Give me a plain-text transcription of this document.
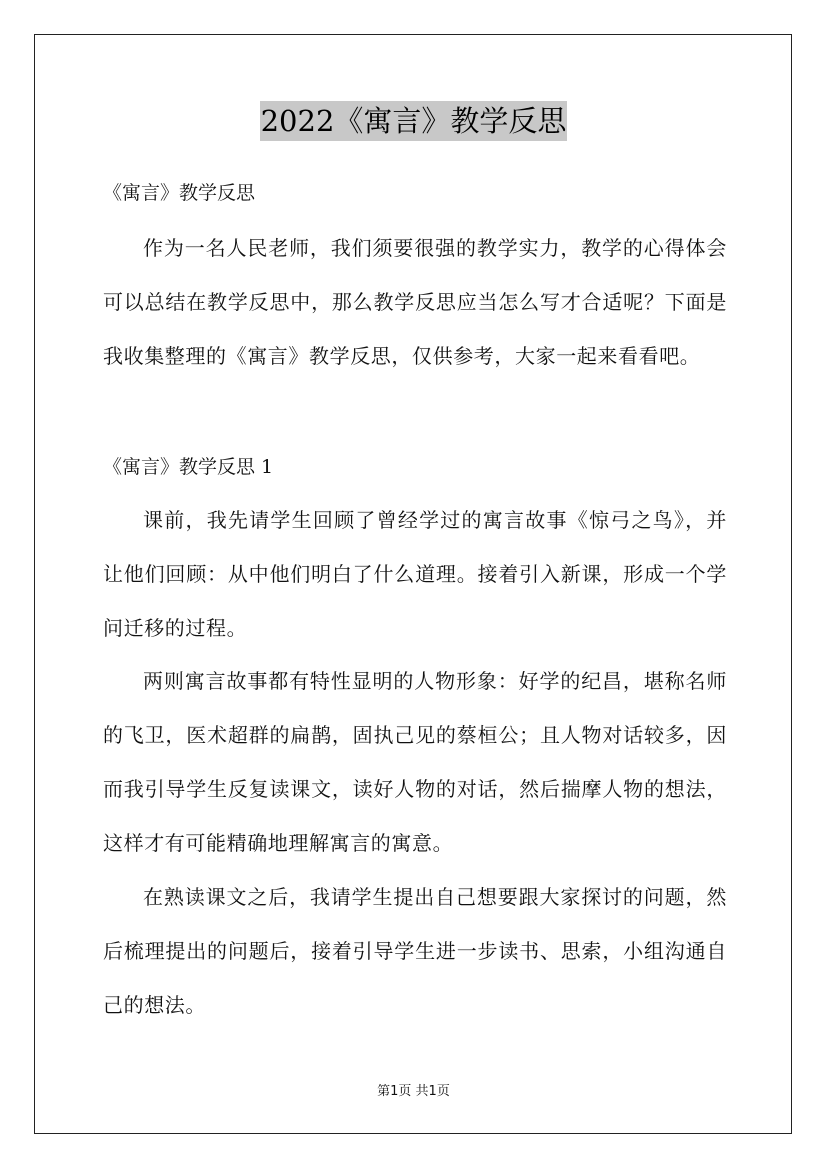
2022《寓言》教学反思
《寓言》教学反思

作为一名人民老师，我们须要很强的教学实力，教学的心得体会可以总结在教学反思中，那么教学反思应当怎么写才合适呢？下面是我收集整理的《寓言》教学反思，仅供参考，大家一起来看看吧。

《寓言》教学反思 1

课前，我先请学生回顾了曾经学过的寓言故事《惊弓之鸟》，并让他们回顾：从中他们明白了什么道理。接着引入新课，形成一个学问迁移的过程。

两则寓言故事都有特性显明的人物形象：好学的纪昌，堪称名师的飞卫，医术超群的扁鹊，固执己见的蔡桓公；且人物对话较多，因而我引导学生反复读课文，读好人物的对话，然后揣摩人物的想法，这样才有可能精确地理解寓言的寓意。

在熟读课文之后，我请学生提出自己想要跟大家探讨的问题，然后梳理提出的问题后，接着引导学生进一步读书、思索，小组沟通自己的想法。

第1页 共1页
